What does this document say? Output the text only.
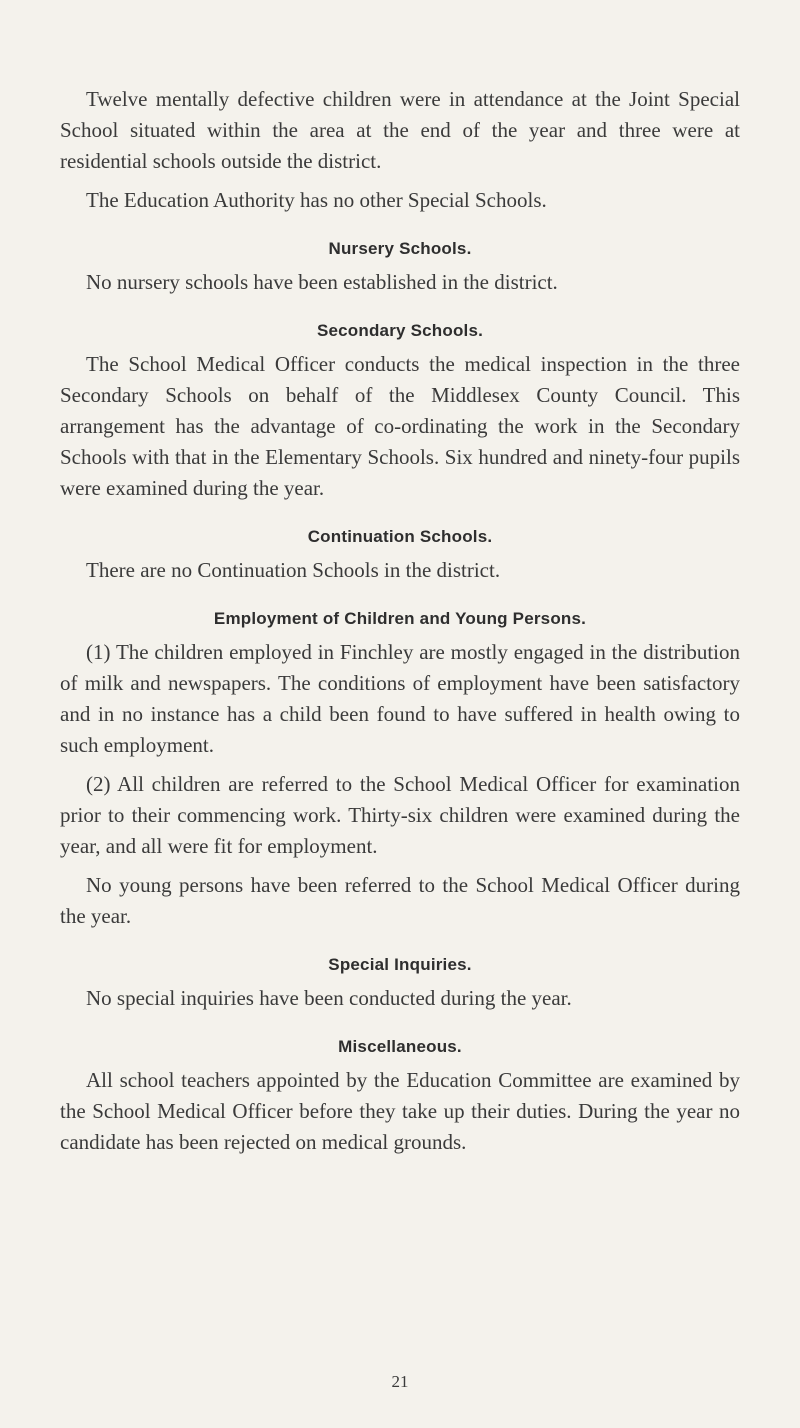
Twelve mentally defective children were in attendance at the Joint Special School situated within the area at the end of the year and three were at residential schools outside the district.

The Education Authority has no other Special Schools.

Nursery Schools.

No nursery schools have been established in the district.

Secondary Schools.

The School Medical Officer conducts the medical inspection in the three Secondary Schools on behalf of the Middlesex County Council. This arrangement has the advantage of co-ordinating the work in the Secondary Schools with that in the Elementary Schools. Six hundred and ninety-four pupils were examined during the year.

Continuation Schools.

There are no Continuation Schools in the district.

Employment of Children and Young Persons.

(1) The children employed in Finchley are mostly engaged in the distribution of milk and newspapers. The conditions of employment have been satisfactory and in no instance has a child been found to have suffered in health owing to such employment.

(2) All children are referred to the School Medical Officer for examination prior to their commencing work. Thirty-six children were examined during the year, and all were fit for employment.

No young persons have been referred to the School Medical Officer during the year.

Special Inquiries.

No special inquiries have been conducted during the year.

Miscellaneous.

All school teachers appointed by the Education Committee are examined by the School Medical Officer before they take up their duties. During the year no candidate has been rejected on medical grounds.

21
